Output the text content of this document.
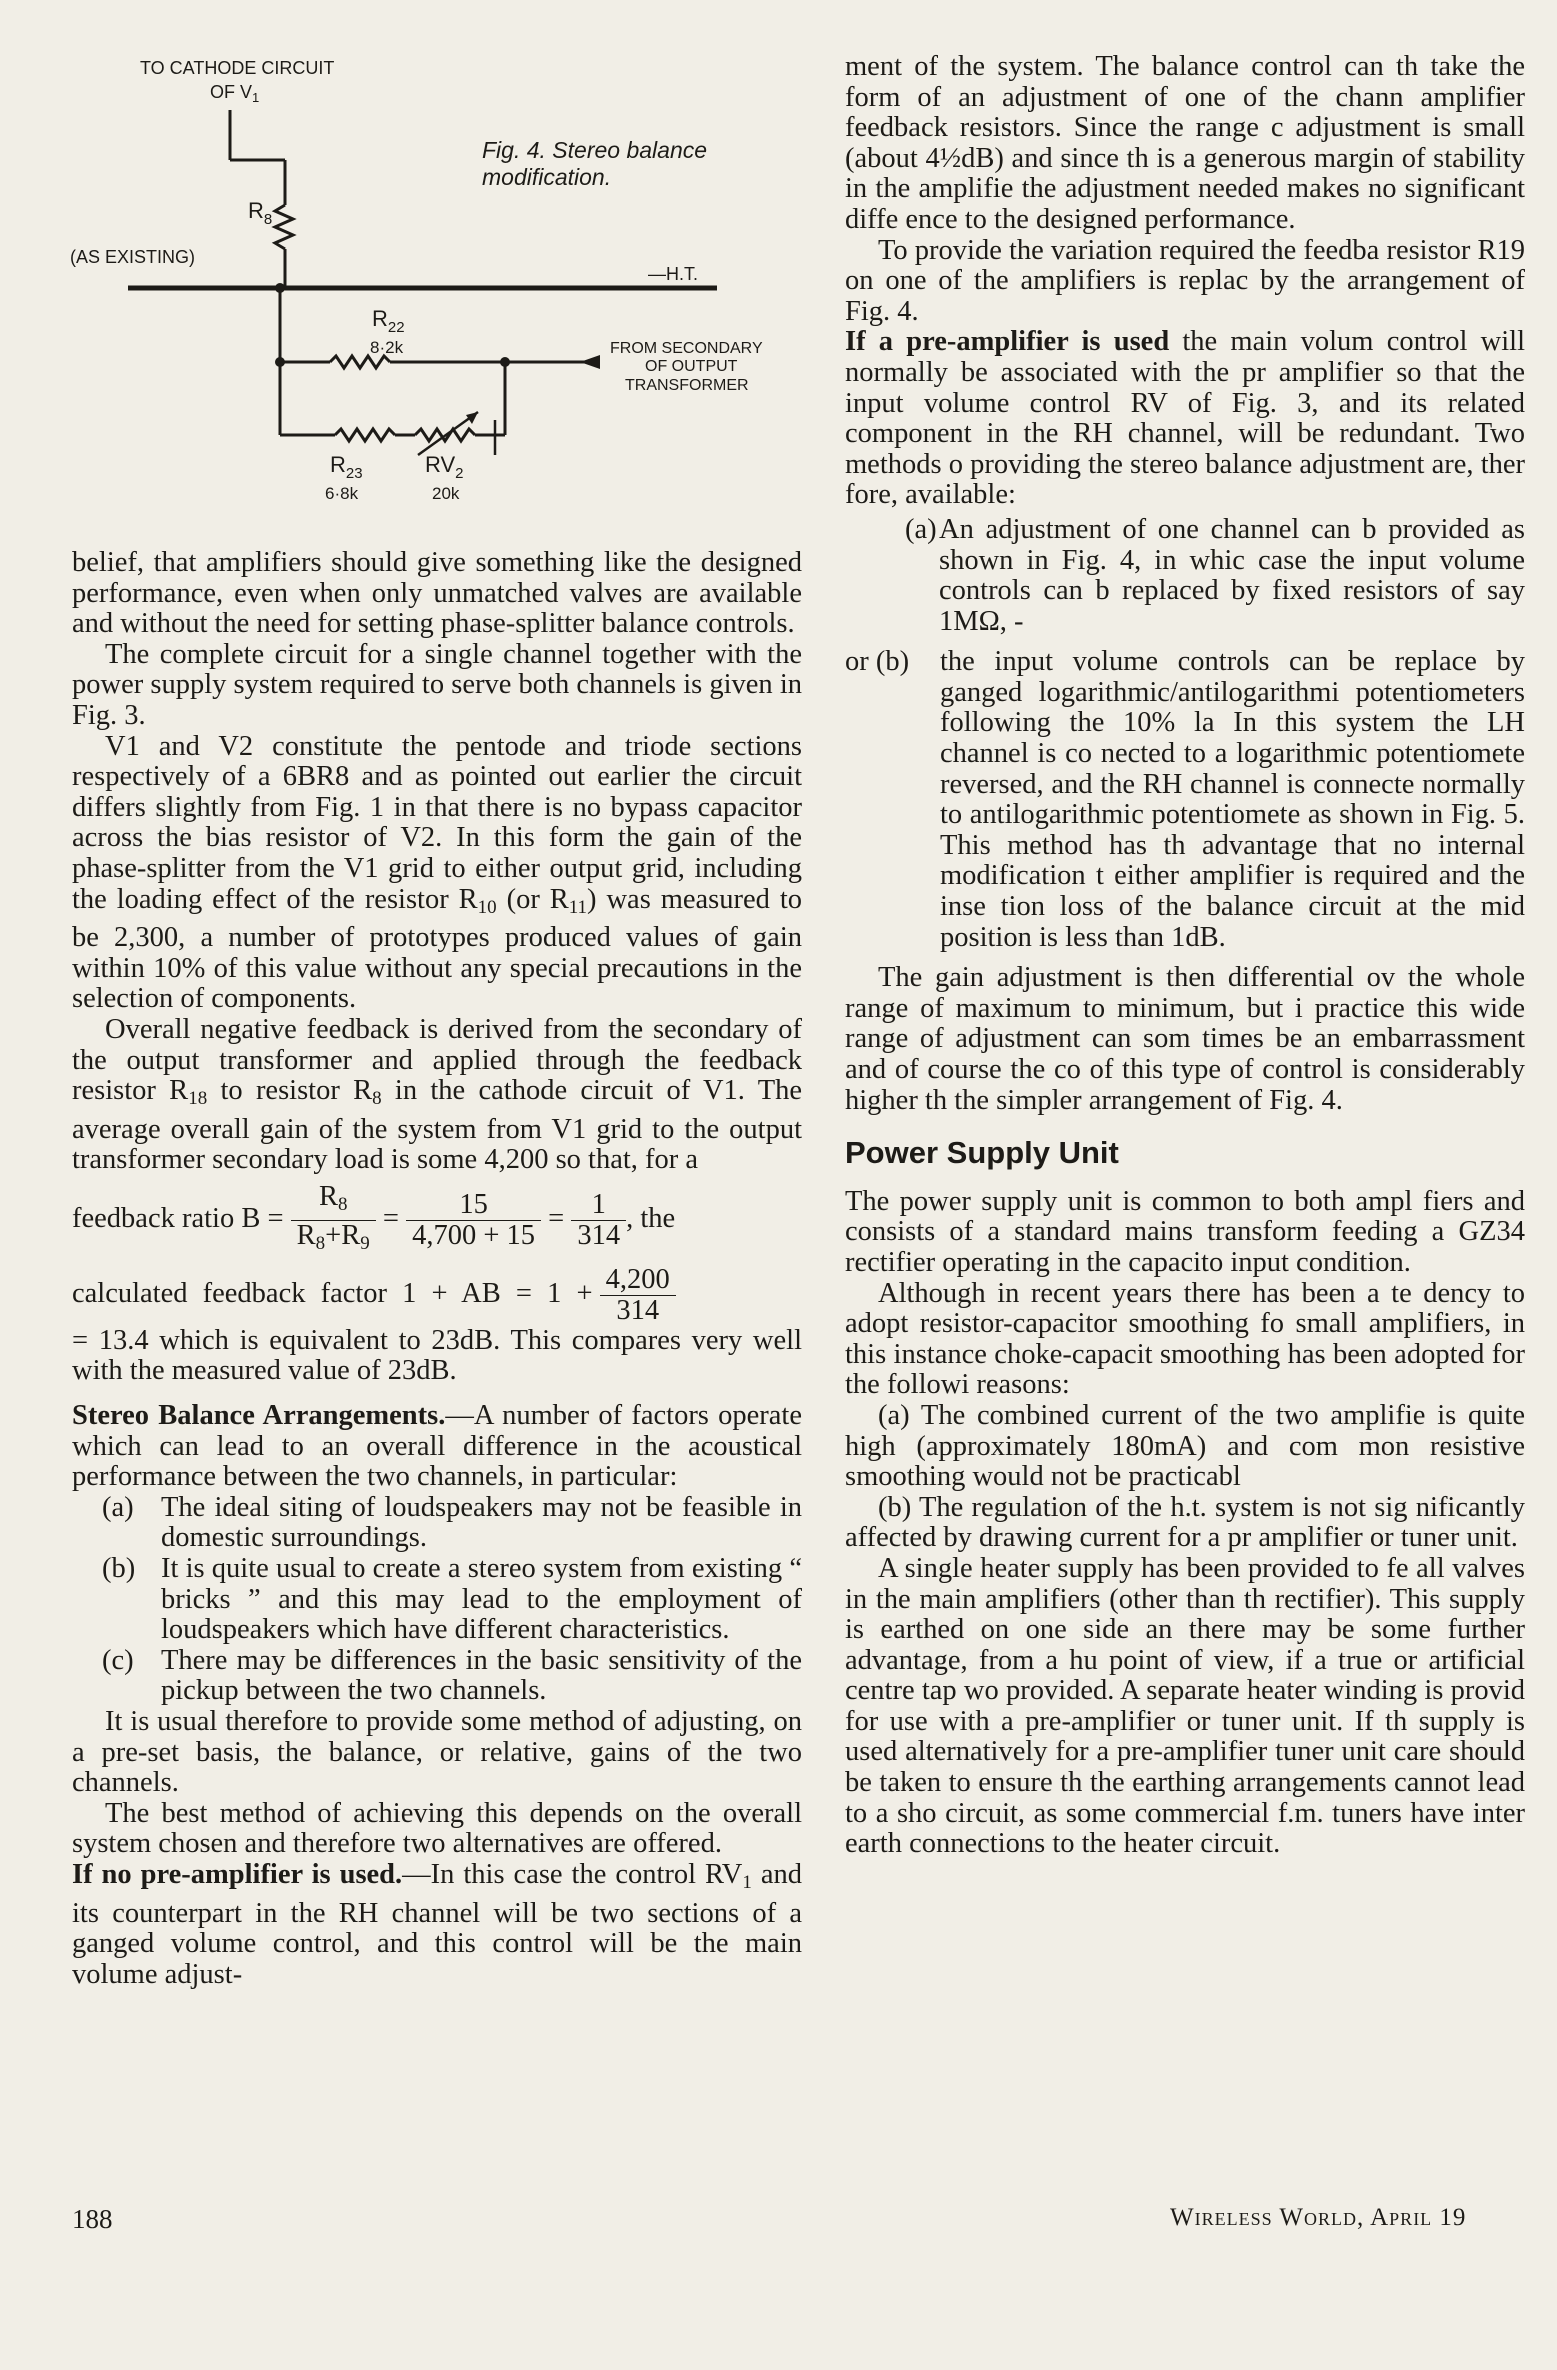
TO CATHODE CIRCUIT
OF $V_1$
$R_8$
(AS EXISTING)
—H.T.
$R_{22}$
8·2k	FROM SECONDARY
OF OUTPUT
TRANSFORMER
$R_{23}$
6·8k
$RV_2$
20k
Fig. 4. Stereo balance modification.

belief, that amplifiers should give something like the designed performance, even when only unmatched valves are available and without the need for setting phase-splitter balance controls.

The complete circuit for a single channel together with the power supply system required to serve both channels is given in Fig. 3.

V1 and V2 constitute the pentode and triode sections respectively of a 6BR8 and as pointed out earlier the circuit differs slightly from Fig. 1 in that there is no bypass capacitor across the bias resistor of V2. In this form the gain of the phase-splitter from the V1 grid to either output grid, including the loading effect of the resistor $R_{10}$ (or $R_{11}$) was measured to be 2,300, a number of prototypes produced values of gain within 10% of this value without any special precautions in the selection of components.

Overall negative feedback is derived from the secondary of the output transformer and applied through the feedback resistor $R_{18}$ to resistor $R_8$ in the cathode circuit of V1. The average overall gain of the system from V1 grid to the output transformer secondary load is some 4,200 so that, for a

feedback ratio $B = \frac{R_8}{R_8+R_9} = \frac{15}{4,700 + 15} = \frac{1}{314}$ , the
calculated feedback factor 1 + AB = $1 + \frac{4,200}{314}$

= 13.4 which is equivalent to 23dB. This compares very well with the measured value of 23dB.

Stereo Balance Arrangements.—A number of factors operate which can lead to an overall difference in the acoustical performance between the two channels, in particular:

(a) The ideal siting of loudspeakers may not be feasible in domestic surroundings.
(b) It is quite usual to create a stereo system from existing “ bricks ” and this may lead to the employment of loudspeakers which have different characteristics.
(c) There may be differences in the basic sensitivity of the pickup between the two channels.

It is usual therefore to provide some method of adjusting, on a pre-set basis, the balance, or relative, gains of the two channels.

The best method of achieving this depends on the overall system chosen and therefore two alternatives are offered.

If no pre-amplifier is used.—In this case the control $RV_1$ and its counterpart in the RH channel will be two sections of a ganged volume control, and this control will be the main volume adjust-

ment of the system. The balance control can th take the form of an adjustment of one of the chann amplifier feedback resistors. Since the range c adjustment is small (about 4½dB) and since th is a generous margin of stability in the amplifie the adjustment needed makes no significant diffe ence to the designed performance.

To provide the variation required the feedba resistor R19 on one of the amplifiers is replac by the arrangement of Fig. 4.

If a pre-amplifier is used the main volum control will normally be associated with the pr amplifier so that the input volume control RV of Fig. 3, and its related component in the RH channel, will be redundant. Two methods o providing the stereo balance adjustment are, ther fore, available:

(a) An adjustment of one channel can b provided as shown in Fig. 4, in whic case the input volume controls can b replaced by fixed resistors of say 1MΩ, -
or (b) the input volume controls can be replace by ganged logarithmic/antilogarithmi potentiometers following the 10% la In this system the LH channel is co nected to a logarithmic potentiomete reversed, and the RH channel is connecte normally to antilogarithmic potentiomete as shown in Fig. 5. This method has th advantage that no internal modification t either amplifier is required and the inse tion loss of the balance circuit at the mid position is less than 1dB.

The gain adjustment is then differential ov the whole range of maximum to minimum, but i practice this wide range of adjustment can som times be an embarrassment and of course the co of this type of control is considerably higher th the simpler arrangement of Fig. 4.

Power Supply Unit

The power supply unit is common to both ampl fiers and consists of a standard mains transform feeding a GZ34 rectifier operating in the capacito input condition.

Although in recent years there has been a te dency to adopt resistor-capacitor smoothing fo small amplifiers, in this instance choke-capacit smoothing has been adopted for the followi reasons:

(a) The combined current of the two amplifie is quite high (approximately 180mA) and com mon resistive smoothing would not be practicabl

(b) The regulation of the h.t. system is not sig nificantly affected by drawing current for a pr amplifier or tuner unit.

A single heater supply has been provided to fe all valves in the main amplifiers (other than th rectifier). This supply is earthed on one side an there may be some further advantage, from a hu point of view, if a true or artificial centre tap wo provided. A separate heater winding is provid for use with a pre-amplifier or tuner unit. If th supply is used alternatively for a pre-amplifier tuner unit care should be taken to ensure th the earthing arrangements cannot lead to a sho circuit, as some commercial f.m. tuners have inter earth connections to the heater circuit.

188	Wireless World, April 19
